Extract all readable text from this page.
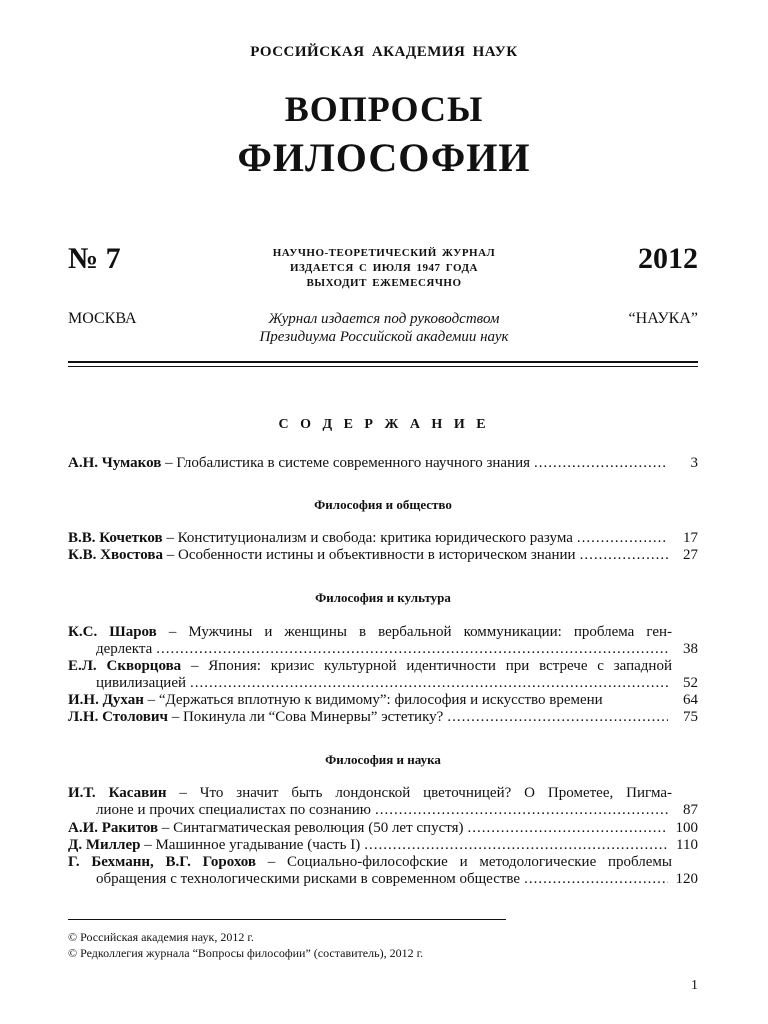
РОССИЙСКАЯ АКАДЕМИЯ НАУК
ВОПРОСЫ
ФИЛОСОФИИ
№ 7	НАУЧНО-ТЕОРЕТИЧЕСКИЙ ЖУРНАЛ
ИЗДАЕТСЯ С ИЮЛЯ 1947 ГОДА
ВЫХОДИТ ЕЖЕМЕСЯЧНО
2012
МОСКВА	Журнал издается под руководством
Президиума Российской академии наук
“НАУКА”
С О Д Е Р Ж А Н И Е
А.Н. Чумаков – Глобалистика в системе современного научного знания .....	3
Философия и общество
В.В. Кочетков – Конституционализм и свобода: критика юридического разума .....	17
К.В. Хвостова – Особенности истины и объективности в историческом знании .....	27
Философия и культура
К.С. Шаров – Мужчины и женщины в вербальной коммуникации: проблема ген-
дерлекта .....	38
Е.Л. Скворцова – Япония: кризис культурной идентичности при встрече с западной
цивилизацией .....	52
И.Н. Духан – “Держаться вплотную к видимому”: философия и искусство времени	64
Л.Н. Столович – Покинула ли “Сова Минервы” эстетику? .....	75
Философия и наука
И.Т. Касавин – Что значит быть лондонской цветочницей? О Прометее, Пигма-
лионе и прочих специалистах по сознанию .....	87
А.И. Ракитов – Синтагматическая революция (50 лет спустя) .....	100
Д. Миллер – Машинное угадывание (часть I) .....	110
Г. Бехманн, В.Г. Горохов – Социально-философские и методологические проблемы
обращения с технологическими рисками в современном обществе .....	120
© Российская академия наук, 2012 г.
© Редколлегия журнала “Вопросы философии” (составитель), 2012 г.
1
